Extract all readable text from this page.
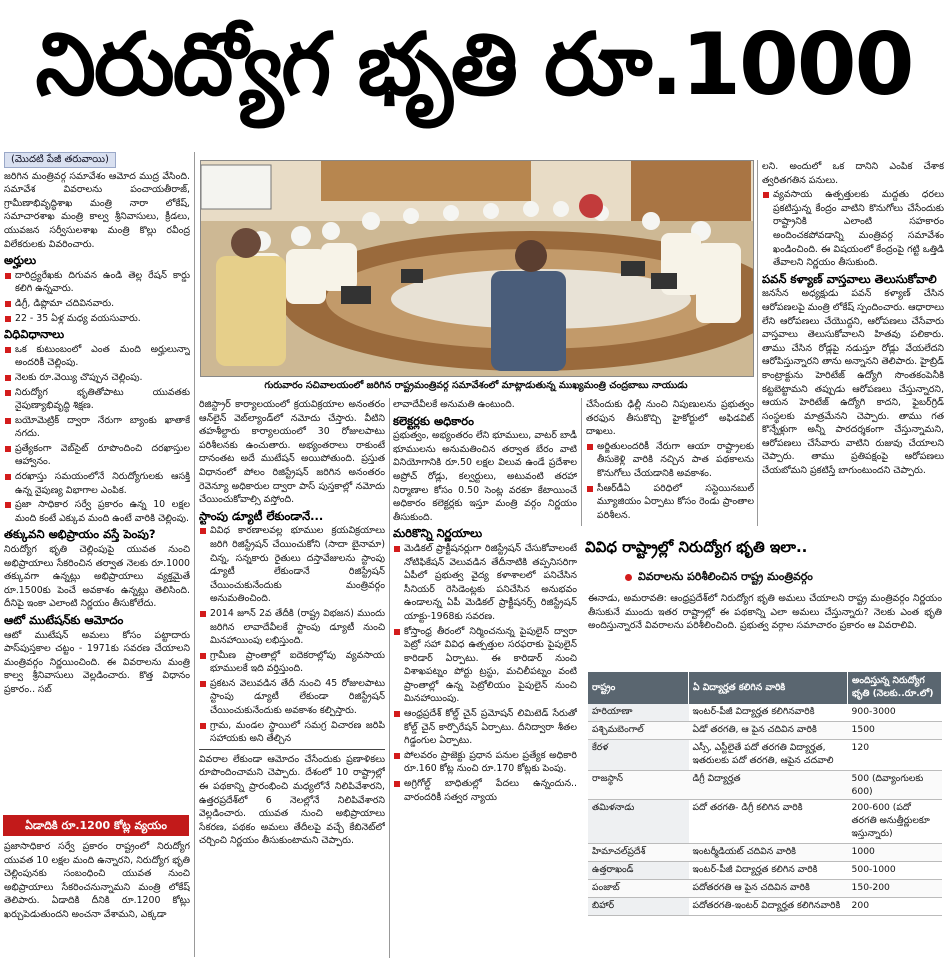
నిరుద్యోగ భృతి రూ.1000
(మొదటి పేజీ తరువాయి)

జరిగిన మంత్రివర్గ సమావేశం ఆమోద ముద్ర వేసింది. సమావేశ వివరాలను పంచాయతీరాజ్, గ్రామీణాభివృద్ధిశాఖ మంత్రి నారా లోకేష్, సమాచారశాఖ మంత్రి కాల్వ శ్రీనివాసులు, క్రీడలు, యువజన సర్వీసులశాఖ మంత్రి కొల్లు రవీంద్ర విలేకరులకు వివరించారు.

అర్హులు

దారిద్ర్యరేఖకు దిగువన ఉండి తెల్ల రేషన్ కార్డు కలిగి ఉన్నవారు.

డిగ్రీ, డిప్లొమా చదివినవారు.

22 - 35 ఏళ్ల మధ్య వయసువారు.

విధివిధానాలు

ఒక కుటుంబంలో ఎంత మంది అర్హులున్నా అందరికీ చెల్లింపు.

నెలకు రూ.వెయ్యి చొప్పున చెల్లింపు.

నిరుద్యోగ భృతితోపాటు యువతకు నైపుణ్యాభివృద్ధి శిక్షణ.

బయోమెట్రిక్ ద్వారా నేరుగా బ్యాంకు ఖాతాకే నగదు.

ప్రత్యేకంగా వెబ్‌సైట్ రూపొందించి దరఖాస్తుల ఆహ్వానం.

దరఖాస్తు సమయంలోనే నిరుద్యోగులకు ఆసక్తి ఉన్న నైపుణ్య విభాగాల ఎంపిక.

ప్రజా సాధికార సర్వే ప్రకారం ఉన్న 10 లక్షల మంది కంటే ఎక్కువ మంది ఉంటే వారికి చెల్లింపు.

తక్కువని అభిప్రాయం వస్తే పెంపు?

నిరుద్యోగ భృతి చెల్లింపుపై యువత నుంచి అభిప్రాయాలు సేకరించిన తర్వాత నెలకు రూ.1000 తక్కువగా ఉన్నట్లు అభిప్రాయాలు వ్యక్తమైతే రూ.1500కు పెంచే అవకాశం ఉన్నట్లు తెలిసింది. దీనిపై ఇంకా ఎలాంటి నిర్ణయం తీసుకోలేదు.

ఆటో ముటేషన్‌కు ఆమోదం

ఆటో ముటేషన్ అమలు కోసం పట్టాదారు పాస్‌పుస్తకాల చట్టం - 1971కు సవరణ చేయాలని మంత్రివర్గం నిర్ణయించింది. ఈ వివరాలను మంత్రి కాల్వ శ్రీనివాసులు వెల్లడించారు. కొత్త విధానం ప్రకారం.. సబ్

ఏడాదికి రూ.1200 కోట్ల వ్యయం
ప్రజాసాధికార సర్వే ప్రకారం రాష్ట్రంలో నిరుద్యోగ యువత 10 లక్షల మంది ఉన్నారని, నిరుద్యోగ భృతి చెల్లింపునకు సంబంధించి యువత నుంచి అభిప్రాయాలు సేకరించనున్నామని మంత్రి లోకేష్ తెలిపారు. ఏడాదికి దీనికి రూ.1200 కోట్లు ఖర్చుపెడుతుందని అంచనా వేశామని, ఎక్కడా
గురువారం సచివాలయంలో జరిగిన రాష్ట్రమంత్రివర్గ సమావేశంలో మాట్లాడుతున్న ముఖ్యమంత్రి చంద్రబాబు నాయుడు

రిజిస్ట్రార్ కార్యాలయంలో క్రయవిక్రయాల అనంతరం ఆన్‌లైన్ వెబ్‌ల్యాండ్‌లో నమోదు చేస్తారు. వీటిని తహశీల్దారు కార్యాలయంలో 30 రోజులపాటు పరిశీలనకు ఉంచుతారు. అభ్యంతరాలు రాకుంటే దానంతట అదే ముటేషన్ అయిపోతుంది. ప్రస్తుత విధానంలో పోలం రిజిస్ట్రేషన్ జరిగిన అనంతరం రెవెన్యూ అధికారుల ద్వారా పాస్ పుస్తకాల్లో నమోదు చేయించుకోవాల్సి వస్తోంది.

స్టాంపు డ్యూటీ లేకుండానే...

వివిధ కారణాలవల్ల భూముల క్రయవిక్రయాలు జరిగి రిజిస్ట్రేషన్ చేయించుకోని (సాదా బైనామా) చిన్న, సన్నకారు రైతులు దస్తావేజులను స్టాంపు డ్యూటీ లేకుండానే రిజిస్ట్రేషన్ చేయించుకునేందుకు మంత్రివర్గం అనుమతించింది.

2014 జూన్ 2వ తేదీకి (రాష్ట్ర విభజన) ముందు జరిగిన లావాదేవీలకే స్టాంపు డ్యూటీ నుంచి మినహాయింపు లభిస్తుంది.

గ్రామీణ ప్రాంతాల్లో ఐదెకరాల్లోపు వ్యవసాయ భూములకే ఇది వర్తిస్తుంది.

ప్రకటన వెలువడిన తేదీ నుంచి 45 రోజులపాటు స్టాంపు డ్యూటీ లేకుండా రిజిస్ట్రేషన్ చేయించుకునేందుకు అవకాశం కల్పిస్తారు.

గ్రామ, మండల స్థాయిలో సమగ్ర విచారణ జరిపి సహాయకు అని తేల్చిన

వివరాల లేకుండా ఆమోదం చేసేందుకు ప్రణాళికలు రూపొందించామని చెప్పారు. దేశంలో 10 రాష్ట్రాల్లో ఈ పథకాన్ని ప్రారంభించి మధ్యలోనే నిలిపివేశారని, ఉత్తరప్రదేశ్‌లో 6 నెలల్లోనే నిలిపివేశారని వెల్లడించారు. యువత నుంచి అభిప్రాయాలు సేకరణ, పథకం అమలు తేదీలపై వచ్చే కేబినెట్‌లో చర్చించి నిర్ణయం తీసుకుంటామని చెప్పారు.

లావాదేవీలకే అనుమతి ఉంటుంది.

కలెక్టర్లకు అధికారం

ప్రభుత్వం, అభ్యంతరం లేని భూములు, వాటర్ బాడీ భూములను అనుమతించిన తర్వాత బేరం వాటి వినియోగానికి రూ.50 లక్షల విలువ ఉండే ప్రదేశాల అప్రోచ్ రోడ్లు, కల్వర్టులు, అటువంటి తరహా నిర్మాణాల కోసం 0.50 సెంట్ల వరకూ కేటాయించే అధికారం కలెక్టర్లకు ఇస్తూ మంత్రి వర్గం నిర్ణయం తీసుకుంది.

మరికొన్ని నిర్ణయాలు

మెడికల్ ప్రాక్టీషనర్లుగా రిజిస్ట్రేషన్ చేసుకోవాలంటే నోటిఫికేషన్ వెలువడిన తేదీనాటికి తప్పనిసరిగా ఏపీలో ప్రభుత్వ వైద్య కళాశాలలో పనిచేసిన సీనియర్ రెసిడెంట్లకు పనిచేసిన అనుభవం ఉండాలన్న ఏపీ మెడికల్ ప్రాక్టీషనర్స్ రిజిస్ట్రేషన్ యాక్టు-1968కు సవరణ.

కోస్తాంధ్ర తీరంలో నిర్మించనున్న పైపులైన్ ద్వారా పెట్రో సహా వివిధ ఉత్పత్తుల సరఫరాకు పైపులైన్ కారిడార్ ఏర్పాటు. ఈ కారిడార్ నుంచి విశాఖపట్నం పోర్టు ట్రస్టు, మచిలీపట్నం వంటి ప్రాంతాల్లో ఉన్న పెట్రోలియం పైపులైన్ నుంచి మినహాయింపు.

ఆంధ్రప్రదేశ్ కోల్డ్ చైన్ ప్రమోషన్ లిమిటెడ్ సేరుతో కోల్డ్ చైన్ కార్పొరేషన్ ఏర్పాటు. దీనిద్వారా శీతల గిడ్డంగుల ఏర్పాటు.

పోలవరం ప్రాజెక్టు ప్రధాన పనుల ప్రత్యేక అధికారి రూ.160 కోట్ల నుంచి రూ.170 కోట్లకు పెంపు.

అగ్రిగోల్డ్ బాధితుల్లో పేదలు ఉన్నందున.. వారందరికీ సత్వర న్యాయ

చేసేందుకు ఢిల్లీ నుంచి నిపుణులను ప్రభుత్వం తరఫున తీసుకొచ్చి హైకోర్టులో అఫిడవిట్ దాఖలు.

అర్జితులందరికీ నేరుగా ఆయా రాష్ట్రాలకు తీసుకెళ్లి వారికి నచ్చిన పాత పథకాలను కొనుగోలు చేయడానికి అవకాశం.

సీఆర్‌డీఏ పరిధిలో సస్టెయినబుల్ మ్యూజియం ఏర్పాటు కోసం రెండు ప్రాంతాల పరిశీలన.

లని. అందులో ఒక దానిని ఎంపిక చేశాక త్వరితగతిన పనులు.

వ్యవసాయ ఉత్పత్తులకు మద్దతు ధరలు ప్రకటిస్తున్న కేంద్రం వాటిని కొనుగోలు చేసేందుకు రాష్ట్రానికి ఎలాంటి సహకారం అందించకపోవడాన్ని మంత్రివర్గ సమావేశం ఖండించింది. ఈ విషయంలో కేంద్రంపై గట్టి ఒత్తిడి తేవాలని నిర్ణయం తీసుకుంది.

పవన్ కళ్యాణ్ వాస్తవాలు తెలుసుకోవాలి

జనసేన అధ్యక్షుడు పవన్ కళ్యాణ్ చేసిన ఆరోపణలపై మంత్రి లోకేష్ స్పందించారు. ఆధారాలు లేని ఆరోపణలు చేయొద్దని, ఆరోపణలు చేసేవారు వాస్తవాలు తెలుసుకోవాలని హితవు పలికారు. తాము చేసిన రోడ్లపై నడుస్తూ రోడ్లు వేయలేదని ఆరోపిస్తున్నారని తాను అన్నానని తెలిపారు. హైబ్రిడ్ కాంట్రాక్టును హెరిటేజ్ ఉద్యోగి సొంతకంపెనీకి కట్టబెట్టామని తప్పుడు ఆరోపణలు చేస్తున్నారని, ఆయన హెరిటేజ్ ఉద్యోగి కాదని, ఫైబర్‌గ్రిడ్ సంస్థలకు మాత్రమేనని చెప్పారు. తాము గత కొన్నేళ్లుగా అన్నీ పారదర్శకంగా చేస్తున్నామని, ఆరోపణలు చేసేవారు వాటిని రుజువు చేయాలని చెప్పారు. తాము ప్రతిపక్షంపై ఆరోపణలు చేయబోమని ప్రకటిస్తే బాగుంటుందని చెప్పారు.

వివిధ రాష్ట్రాల్లో నిరుద్యోగ భృతి ఇలా..
వివరాలను పరిశీలించిన రాష్ట్ర మంత్రివర్గం
ఈనాడు, అమరావతి: ఆంధ్రప్రదేశ్‌లో నిరుద్యోగ భృతి అమలు చేయాలని రాష్ట్ర మంత్రివర్గం నిర్ణయం తీసుకునే ముందు ఇతర రాష్ట్రాల్లో ఈ పథకాన్ని ఎలా అమలు చేస్తున్నారు? నెలకు ఎంత భృతి అందిస్తున్నారనే వివరాలను పరిశీలించింది. ప్రభుత్వ వర్గాల సమాచారం ప్రకారం ఆ వివరాలివి.
రాష్ట్రం	ఏ విద్యార్హత కలిగిన వారికి	అందిస్తున్న నిరుద్యోగ భృతి (నెలకు..రూ.లో)
హరియాణా	ఇంటర్-పీజీ విద్యార్హత కలిగినవారికి	900-3000
పశ్చిమబెంగాల్	ఏడో తరగతి, ఆ పైన చదివిన వారికి	1500
కేరళ	ఎస్సీ, ఎస్టీలైతే పదో తరగతి విద్యార్హత, ఇతరులకు పదో తరగతి, ఆపైన చదవాలి	120
రాజస్థాన్	డిగ్రీ విద్యార్హత	500 (దివ్యాంగులకు 600)
తమిళనాడు	పదో తరగతి- డిగ్రీ కలిగిన వారికి	200-600 (పదో తరగతి అనుత్తీర్ణులకూ ఇస్తున్నారు)
హిమాచల్‌ప్రదేశ్	ఇంటర్మీడియట్ చదివిన వారికి	1000
ఉత్తరాఖండ్	ఇంటర్-పీజీ విద్యార్హత కలిగిన వారికి	500-1000
పంజాబ్	పదోతరగతి ఆ పైన చదివిన వారికి	150-200
బిహార్	పదోతరగతి-ఇంటర్ విద్యార్హత కలిగినవారికి	200
